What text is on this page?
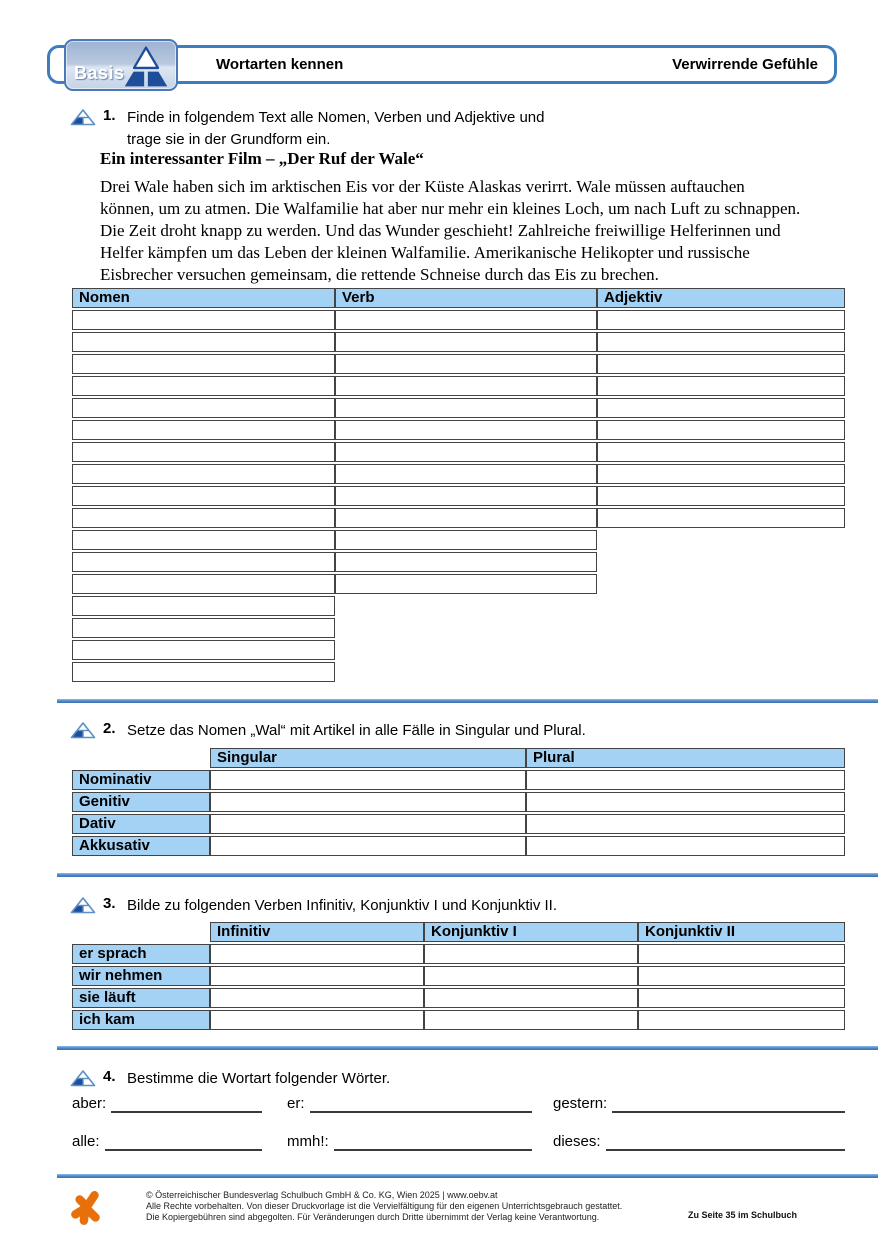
Wortarten kennen	Verwirrende Gefühle
Basis
1. Finde in folgendem Text alle Nomen, Verben und Adjektive und
trage sie in der Grundform ein.
Ein interessanter Film – „Der Ruf der Wale“
Drei Wale haben sich im arktischen Eis vor der Küste Alaskas verirrt. Wale müssen auftauchen
können, um zu atmen. Die Walfamilie hat aber nur mehr ein kleines Loch, um nach Luft zu schnappen.
Die Zeit droht knapp zu werden. Und das Wunder geschieht! Zahlreiche freiwillige Helferinnen und
Helfer kämpfen um das Leben der kleinen Walfamilie. Amerikanische Helikopter und russische
Eisbrecher versuchen gemeinsam, die rettende Schneise durch das Eis zu brechen.
Nomen	Verb	Adjektiv
2. Setze das Nomen „Wal“ mit Artikel in alle Fälle in Singular und Plural.
Singular	Plural
Nominativ
Genitiv
Dativ
Akkusativ
3. Bilde zu folgenden Verben Infinitiv, Konjunktiv I und Konjunktiv II.
Infinitiv	Konjunktiv I	Konjunktiv II
er sprach
wir nehmen
sie läuft
ich kam
4. Bestimme die Wortart folgender Wörter.
aber:	er:	gestern:
alle:	mmh!:	dieses:
© Österreichischer Bundesverlag Schulbuch GmbH & Co. KG, Wien 2025 | www.oebv.at
Alle Rechte vorbehalten. Von dieser Druckvorlage ist die Vervielfältigung für den eigenen Unterrichtsgebrauch gestattet.
Die Kopiergebühren sind abgegolten. Für Veränderungen durch Dritte übernimmt der Verlag keine Verantwortung.	Zu Seite 35 im Schulbuch
